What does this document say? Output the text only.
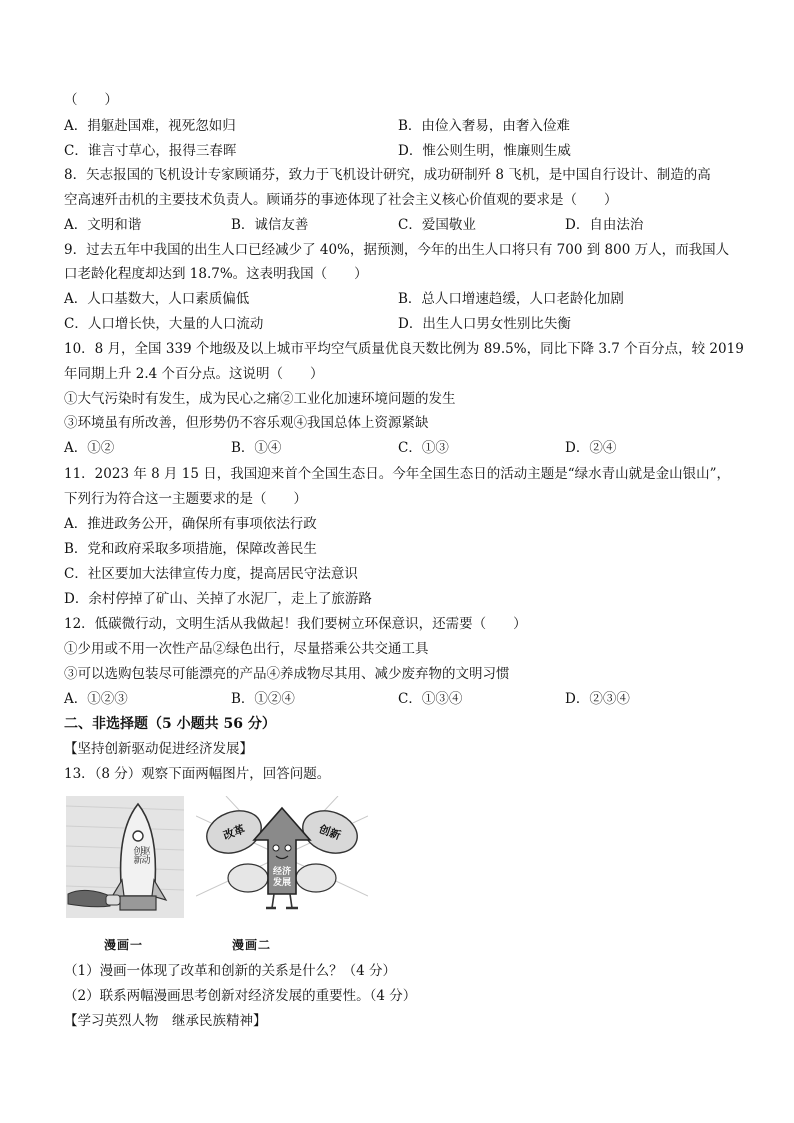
（　　）
A．捐躯赴国难，视死忽如归	B．由俭入奢易，由奢入俭难
C．谁言寸草心，报得三春晖	D．惟公则生明，惟廉则生威
8．矢志报国的飞机设计专家顾诵芬，致力于飞机设计研究，成功研制歼 8 飞机，是中国自行设计、制造的高
空高速歼击机的主要技术负责人。顾诵芬的事迹体现了社会主义核心价值观的要求是（　　）
A．文明和谐	B．诚信友善	C．爱国敬业	D．自由法治
9．过去五年中我国的出生人口已经减少了 40%，据预测，今年的出生人口将只有 700 到 800 万人，而我国人
口老龄化程度却达到 18.7%。这表明我国（　　）
A．人口基数大，人口素质偏低	B．总人口增速趋缓，人口老龄化加剧
C．人口增长快，大量的人口流动	D．出生人口男女性别比失衡
10．8 月，全国 339 个地级及以上城市平均空气质量优良天数比例为 89.5%，同比下降 3.7 个百分点，较 2019
年同期上升 2.4 个百分点。这说明（　　）
①大气污染时有发生，成为民心之痛②工业化加速环境问题的发生
③环境虽有所改善，但形势仍不容乐观④我国总体上资源紧缺
A．①②	B．①④	C．①③	D．②④
11．2023 年 8 月 15 日，我国迎来首个全国生态日。今年全国生态日的活动主题是“绿水青山就是金山银山”，
下列行为符合这一主题要求的是（　　）
A．推进政务公开，确保所有事项依法行政
B．党和政府采取多项措施，保障改善民生
C．社区要加大法律宣传力度，提高居民守法意识
D．余村停掉了矿山、关掉了水泥厂，走上了旅游路
12．低碳微行动，文明生活从我做起！我们要树立环保意识，还需要（　　）
①少用或不用一次性产品②绿色出行，尽量搭乘公共交通工具
③可以选购包装尽可能漂亮的产品④养成物尽其用、减少废弃物的文明习惯
A．①②③	B．①②④	C．①③④	D．②③④
二、非选择题（5 小题共 56 分）
【坚持创新驱动促进经济发展】
13．（8 分）观察下面两幅图片，回答问题。
创新驱动
改革	创新
经济发展
漫画一	漫画二
（1）漫画一体现了改革和创新的关系是什么？（4 分）
（2）联系两幅漫画思考创新对经济发展的重要性。（4 分）
【学习英烈人物　继承民族精神】
